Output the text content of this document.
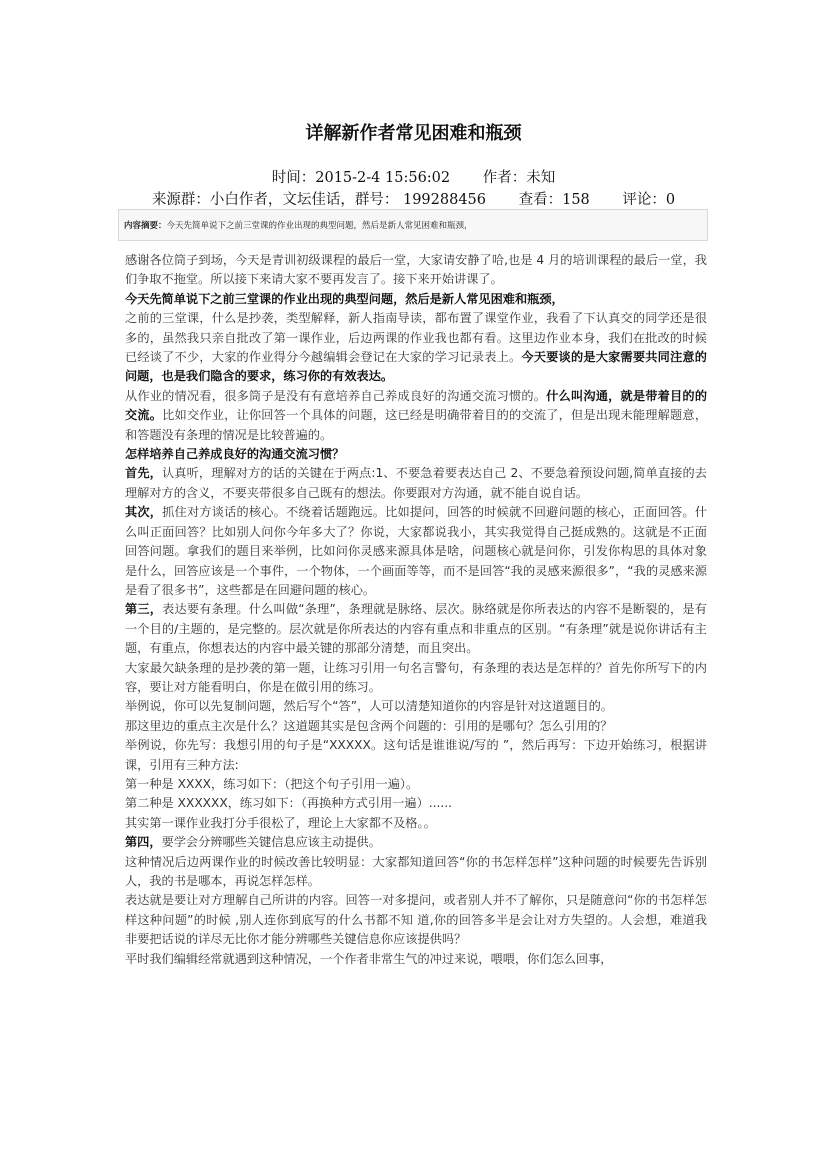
详解新作者常见困难和瓶颈
时间：2015-2-4 15:56:02 作者：未知
来源群：小白作者，文坛佳话，群号： 199288456 查看：158 评论：0
内容摘要：今天先简单说下之前三堂课的作业出现的典型问题，然后是新人常见困难和瓶颈，

感谢各位筒子到场，今天是青训初级课程的最后一堂，大家请安静了哈,也是 4 月的培训课程的最后一堂，我们争取不拖堂。所以接下来请大家不要再发言了。接下来开始讲课了。

今天先简单说下之前三堂课的作业出现的典型问题，然后是新人常见困难和瓶颈，

之前的三堂课，什么是抄袭，类型解释，新人指南导读，都布置了课堂作业，我看了下认真交的同学还是很多的，虽然我只亲自批改了第一课作业，后边两课的作业我也都有看。这里边作业本身，我们在批改的时候已经谈了不少，大家的作业得分今越编辑会登记在大家的学习记录表上。今天要谈的是大家需要共同注意的问题，也是我们隐含的要求，练习你的有效表达。

从作业的情况看，很多筒子是没有有意培养自己养成良好的沟通交流习惯的。什么叫沟通，就是带着目的的交流。比如交作业，让你回答一个具体的问题，这已经是明确带着目的的交流了，但是出现未能理解题意，和答题没有条理的情况是比较普遍的。

怎样培养自己养成良好的沟通交流习惯？

首先，认真听，理解对方的话的关键在于两点:1、不要急着要表达自己 2、不要急着预设问题,简单直接的去理解对方的含义，不要夹带很多自己既有的想法。你要跟对方沟通，就不能自说自话。

其次，抓住对方谈话的核心。不绕着话题跑远。比如提问，回答的时候就不回避问题的核心，正面回答。什么叫正面回答？比如别人问你今年多大了？你说，大家都说我小，其实我觉得自己挺成熟的。这就是不正面回答问题。拿我们的题目来举例，比如问你灵感来源具体是啥，问题核心就是问你，引发你构思的具体对象是什么，回答应该是一个事件，一个物体，一个画面等等，而不是回答“我的灵感来源很多”，“我的灵感来源是看了很多书”，这些都是在回避问题的核心。

第三，表达要有条理。什么叫做“条理”，条理就是脉络、层次。脉络就是你所表达的内容不是断裂的，是有一个目的/主题的，是完整的。层次就是你所表达的内容有重点和非重点的区别。“有条理”就是说你讲话有主题，有重点，你想表达的内容中最关键的那部分清楚，而且突出。

大家最欠缺条理的是抄袭的第一题，让练习引用一句名言警句，有条理的表达是怎样的？首先你所写下的内容，要让对方能看明白，你是在做引用的练习。

举例说，你可以先复制问题，然后写个“答”，人可以清楚知道你的内容是针对这道题目的。

那这里边的重点主次是什么？这道题其实是包含两个问题的：引用的是哪句？怎么引用的？

举例说，你先写：我想引用的句子是“XXXXX。这句话是谁谁说/写的 ”，然后再写：下边开始练习，根据讲课，引用有三种方法:

第一种是 XXXX，练习如下：（把这个句子引用一遍）。

第二种是 XXXXXX，练习如下：（再换种方式引用一遍）......

其实第一课作业我打分手很松了，理论上大家都不及格。。

第四，要学会分辨哪些关键信息应该主动提供。

这种情况后边两课作业的时候改善比较明显：大家都知道回答“你的书怎样怎样”这种问题的时候要先告诉别人，我的书是哪本，再说怎样怎样。

表达就是要让对方理解自己所讲的内容。回答一对多提问，或者别人并不了解你，只是随意问“你的书怎样怎样这种问题”的时候 ,别人连你到底写的什么书都不知 道,你的回答多半是会让对方失望的。人会想，难道我非要把话说的详尽无比你才能分辨哪些关键信息你应该提供吗？

平时我们编辑经常就遇到这种情况，一个作者非常生气的冲过来说，喂喂，你们怎么回事，
